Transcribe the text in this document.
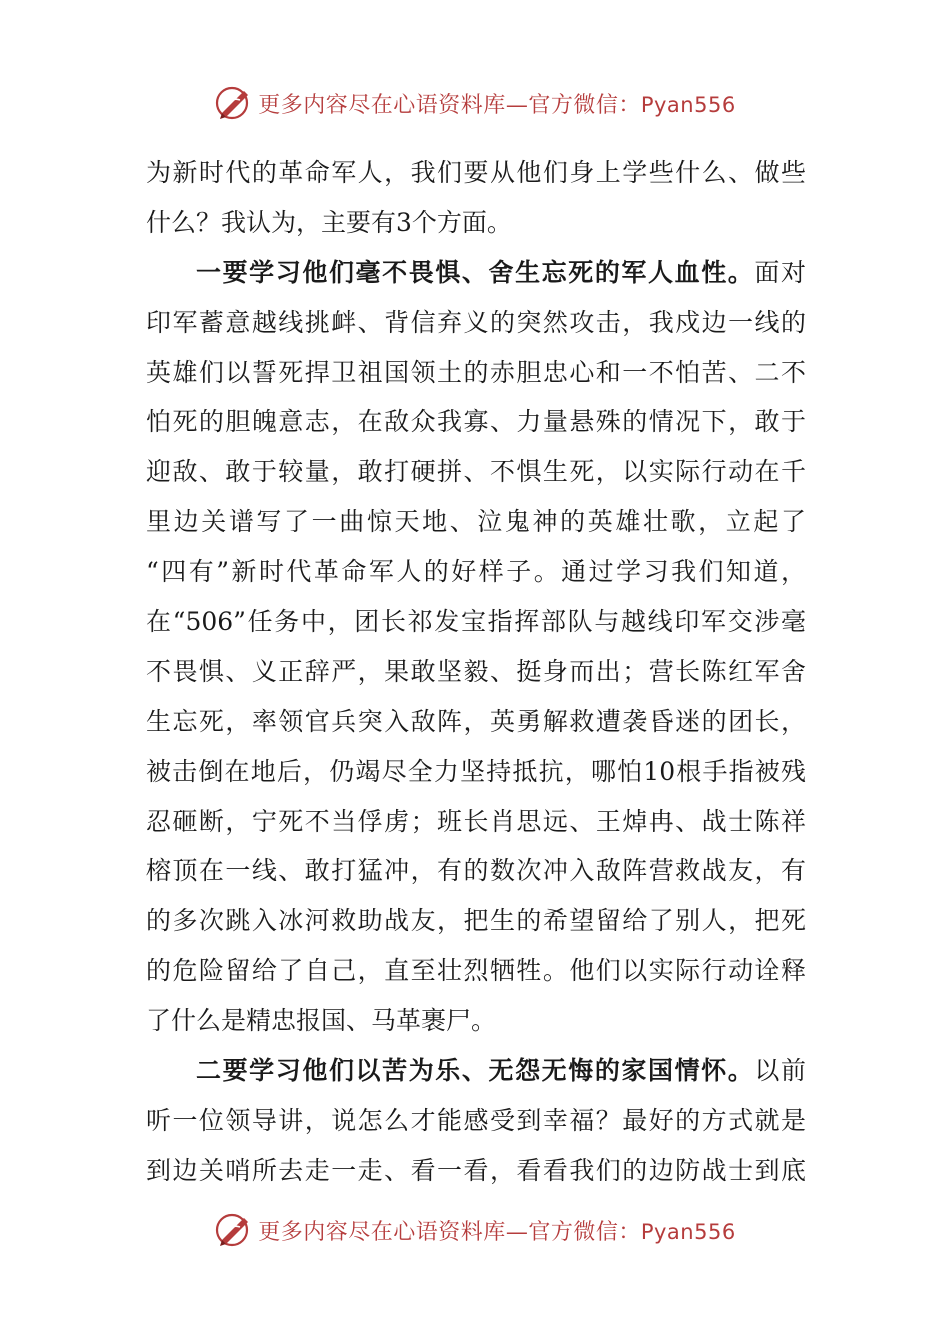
更多内容尽在心语资料库—官方微信：Pyan556
为新时代的革命军人，我们要从他们身上学些什么、做些
什么？我认为，主要有3个方面。
一要学习他们毫不畏惧、舍生忘死的军人血性。面对
印军蓄意越线挑衅、背信弃义的突然攻击，我戍边一线的
英雄们以誓死捍卫祖国领土的赤胆忠心和一不怕苦、二不
怕死的胆魄意志，在敌众我寡、力量悬殊的情况下，敢于
迎敌、敢于较量，敢打硬拼、不惧生死，以实际行动在千
里边关谱写了一曲惊天地、泣鬼神的英雄壮歌，立起了
“四有”新时代革命军人的好样子。通过学习我们知道，
在“506”任务中，团长祁发宝指挥部队与越线印军交涉毫
不畏惧、义正辞严，果敢坚毅、挺身而出；营长陈红军舍
生忘死，率领官兵突入敌阵，英勇解救遭袭昏迷的团长，
被击倒在地后，仍竭尽全力坚持抵抗，哪怕10根手指被残
忍砸断，宁死不当俘虏；班长肖思远、王焯冉、战士陈祥
榕顶在一线、敢打猛冲，有的数次冲入敌阵营救战友，有
的多次跳入冰河救助战友，把生的希望留给了别人，把死
的危险留给了自己，直至壮烈牺牲。他们以实际行动诠释
了什么是精忠报国、马革裹尸。
二要学习他们以苦为乐、无怨无悔的家国情怀。以前
听一位领导讲，说怎么才能感受到幸福？最好的方式就是
到边关哨所去走一走、看一看，看看我们的边防战士到底
更多内容尽在心语资料库—官方微信：Pyan556
